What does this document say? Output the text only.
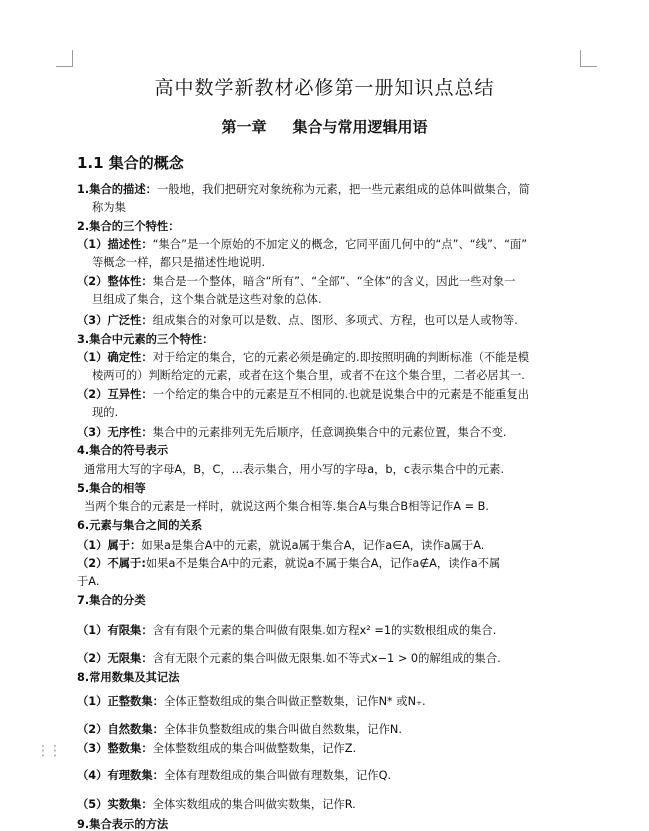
⋮⋮
高中数学新教材必修第一册知识点总结
第一章 集合与常用逻辑用语
1.1 集合的概念
1.集合的描述：一般地，我们把研究对象统称为元素，把一些元素组成的总体叫做集合，简
称为集
2.集合的三个特性：
（1）描述性：“集合”是一个原始的不加定义的概念，它同平面几何中的“点”、“线”、“面”
等概念一样，都只是描述性地说明.
（2）整体性：集合是一个整体，暗含“所有”、“全部”、“全体”的含义，因此一些对象一
旦组成了集合，这个集合就是这些对象的总体.
（3）广泛性：组成集合的对象可以是数、点、图形、多项式、方程，也可以是人或物等.
3.集合中元素的三个特性：
（1）确定性：对于给定的集合，它的元素必须是确定的.即按照明确的判断标准（不能是模
棱两可的）判断给定的元素，或者在这个集合里，或者不在这个集合里，二者必居其一.
（2）互异性：一个给定的集合中的元素是互不相同的.也就是说集合中的元素是不能重复出
现的.
（3）无序性：集合中的元素排列无先后顺序，任意调换集合中的元素位置，集合不变.
4.集合的符号表示
通常用大写的字母A，B，C，…表示集合，用小写的字母a，b，c表示集合中的元素.
5.集合的相等
当两个集合的元素是一样时，就说这两个集合相等.集合A与集合B相等记作A = B.
6.元素与集合之间的关系
（1）属于：如果a是集合A中的元素，就说a属于集合A，记作a∈A，读作a属于A.
（2）不属于:如果a不是集合A中的元素，就说a不属于集合A，记作a∉A，读作a不属
于A.
7.集合的分类
（1）有限集：含有有限个元素的集合叫做有限集.如方程x² =1的实数根组成的集合.
（2）无限集：含有无限个元素的集合叫做无限集.如不等式x−1 > 0的解组成的集合.
8.常用数集及其记法
（1）正整数集：全体正整数组成的集合叫做正整数集，记作N* 或N₊.
（2）自然数集：全体非负整数组成的集合叫做自然数集，记作N.
（3）整数集：全体整数组成的集合叫做整数集，记作Z.
（4）有理数集：全体有理数组成的集合叫做有理数集，记作Q.
（5）实数集：全体实数组成的集合叫做实数集，记作R.
9.集合表示的方法
